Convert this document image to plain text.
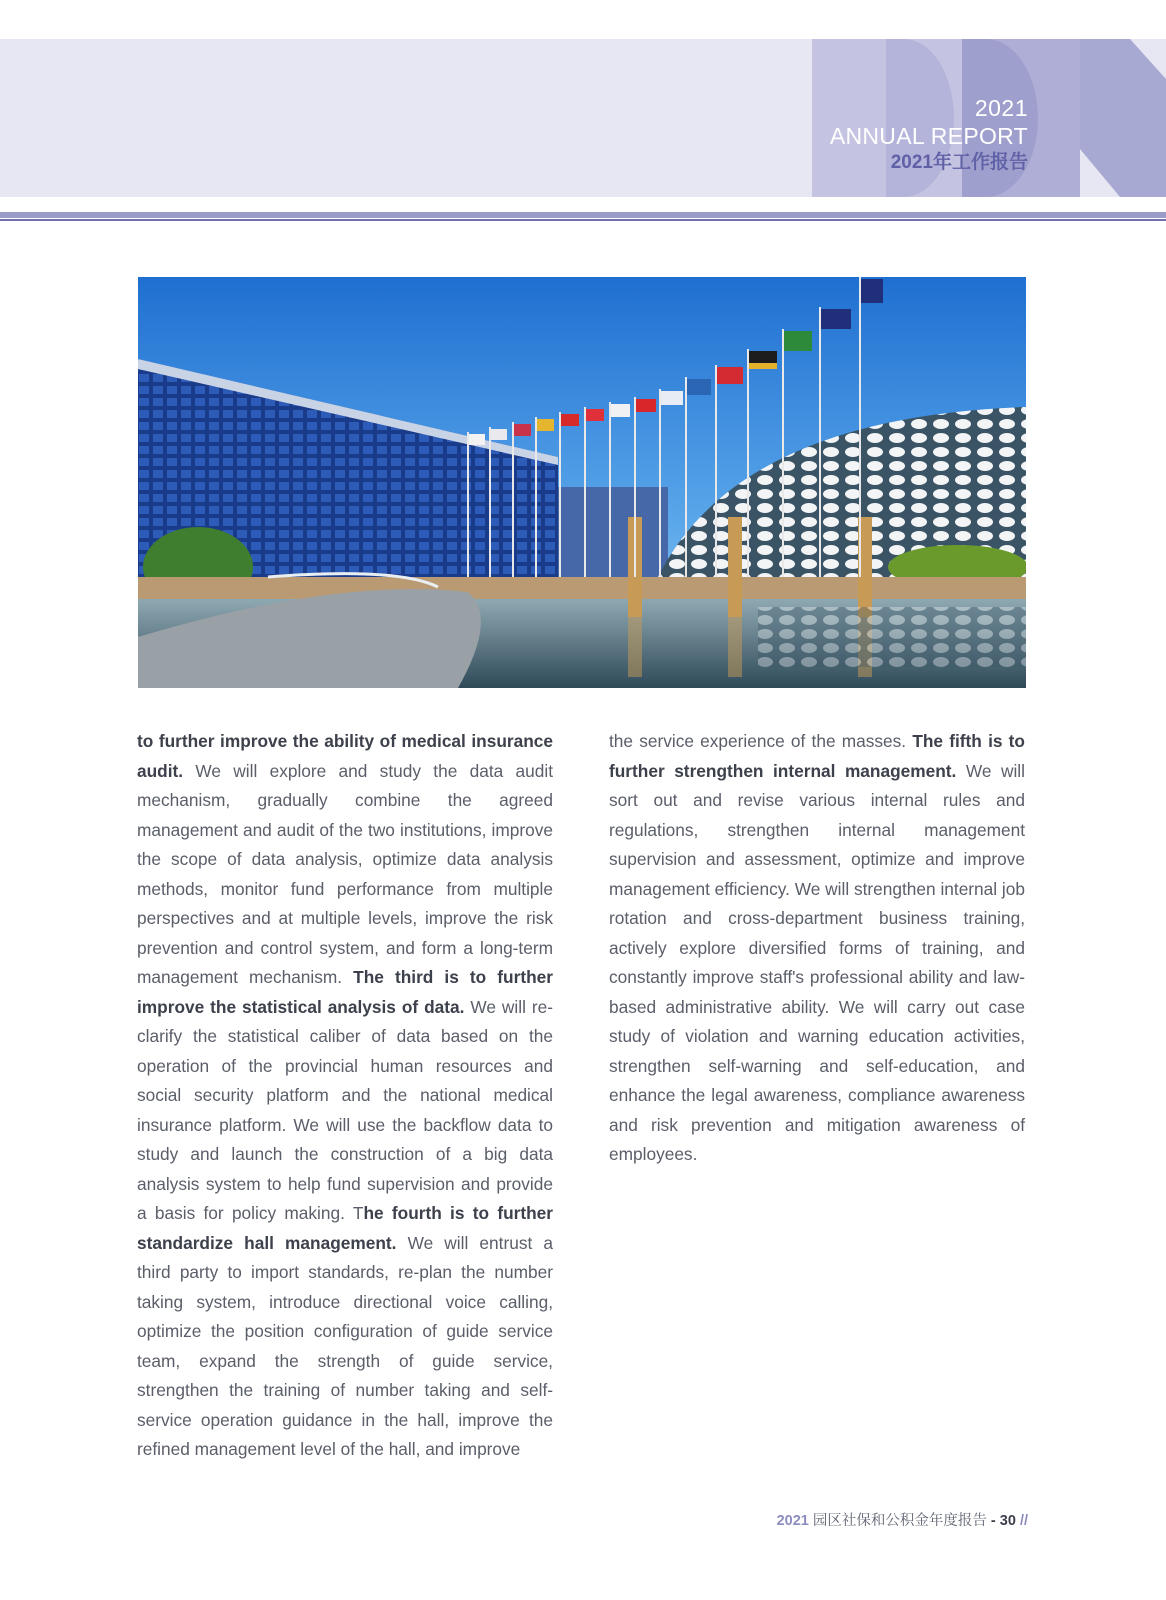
2021
ANNUAL REPORT
2021年工作报告
to further improve the ability of medical insurance audit. We will explore and study the data audit mechanism, gradually combine the agreed management and audit of the two institutions, improve the scope of data analysis, optimize data analysis methods, monitor fund performance from multiple perspectives and at multiple levels, improve the risk prevention and control system, and form a long-term management mechanism. The third is to further improve the statistical analysis of data. We will re-clarify the statistical caliber of data based on the operation of the provincial human resources and social security platform and the national medical insurance platform. We will use the backflow data to study and launch the construction of a big data analysis system to help fund supervision and provide a basis for policy making. The fourth is to further standardize hall management. We will entrust a third party to import standards, re-plan the number taking system, introduce directional voice calling, optimize the position configuration of guide service team, expand the strength of guide service, strengthen the training of number taking and self-service operation guidance in the hall, improve the refined management level of the hall, and improve
the service experience of the masses. The fifth is to further strengthen internal management. We will sort out and revise various internal rules and regulations, strengthen internal management supervision and assessment, optimize and improve management efficiency. We will strengthen internal job rotation and cross-department business training, actively explore diversified forms of training, and constantly improve staff's professional ability and law-based administrative ability. We will carry out case study of violation and warning education activities, strengthen self-warning and self-education, and enhance the legal awareness, compliance awareness and risk prevention and mitigation awareness of employees.
2021 园区社保和公积金年度报告 - 30 //
